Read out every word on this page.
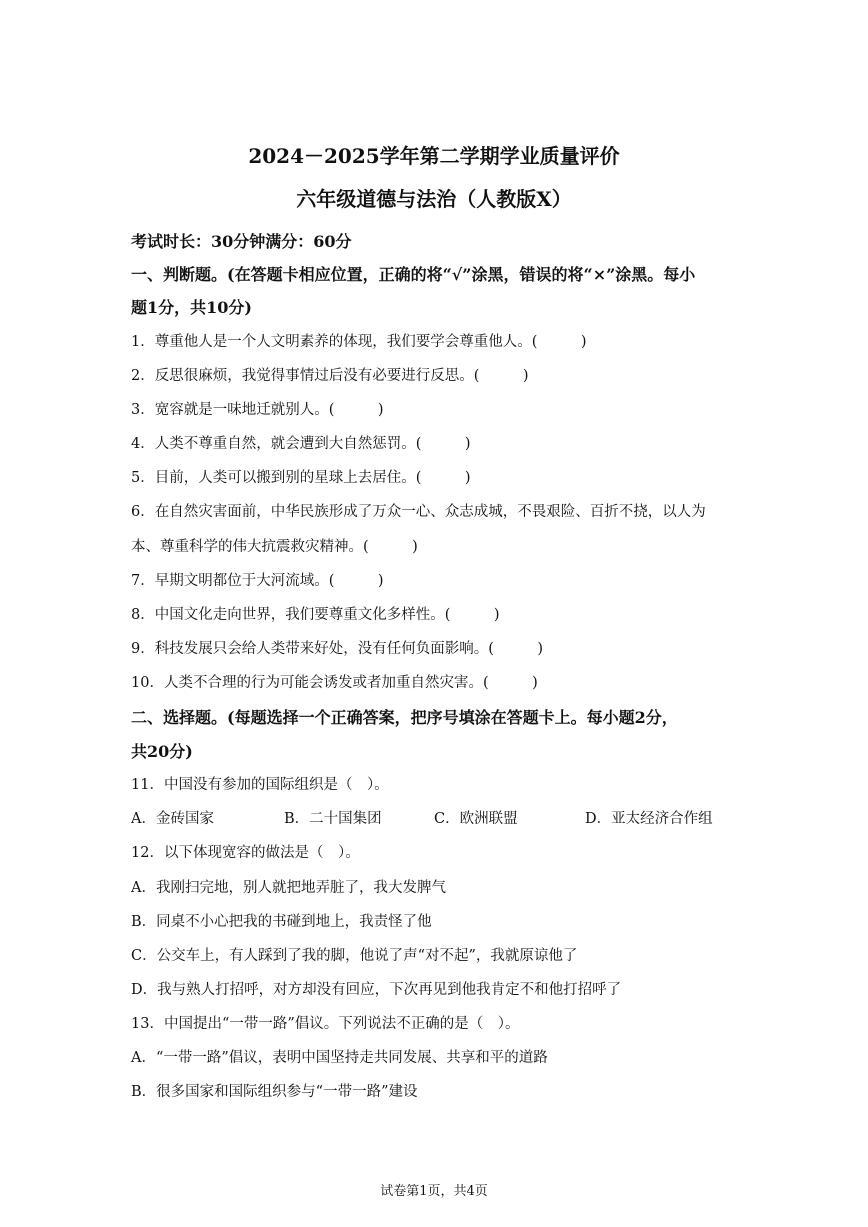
2024－2025学年第二学期学业质量评价
六年级道德与法治（人教版X）
考试时长：30分钟满分：60分
一、判断题。(在答题卡相应位置，正确的将“√”涂黑，错误的将“×”涂黑。每小
题1分，共10分)
1．尊重他人是一个人文明素养的体现，我们要学会尊重他人。(　　　)
2．反思很麻烦，我觉得事情过后没有必要进行反思。(　　　)
3．宽容就是一味地迁就别人。(　　　)
4．人类不尊重自然，就会遭到大自然惩罚。(　　　)
5．目前，人类可以搬到别的星球上去居住。(　　　)
6．在自然灾害面前，中华民族形成了万众一心、众志成城，不畏艰险、百折不挠，以人为
本、尊重科学的伟大抗震救灾精神。(　　　)
7．早期文明都位于大河流域。(　　　)
8．中国文化走向世界，我们要尊重文化多样性。(　　　)
9．科技发展只会给人类带来好处，没有任何负面影响。(　　　)
10．人类不合理的行为可能会诱发或者加重自然灾害。(　　　)
二、选择题。(每题选择一个正确答案，把序号填涂在答题卡上。每小题2分，
共20分)
11．中国没有参加的国际组织是（　）。
A．金砖国家	B．二十国集团	C．欧洲联盟	D．亚太经济合作组
12．以下体现宽容的做法是（　）。
A．我刚扫完地，别人就把地弄脏了，我大发脾气
B．同桌不小心把我的书碰到地上，我责怪了他
C．公交车上，有人踩到了我的脚，他说了声“对不起”，我就原谅他了
D．我与熟人打招呼，对方却没有回应，下次再见到他我肯定不和他打招呼了
13．中国提出“一带一路”倡议。下列说法不正确的是（　）。
A．“一带一路”倡议，表明中国坚持走共同发展、共享和平的道路
B．很多国家和国际组织参与“一带一路”建设
试卷第1页，共4页
